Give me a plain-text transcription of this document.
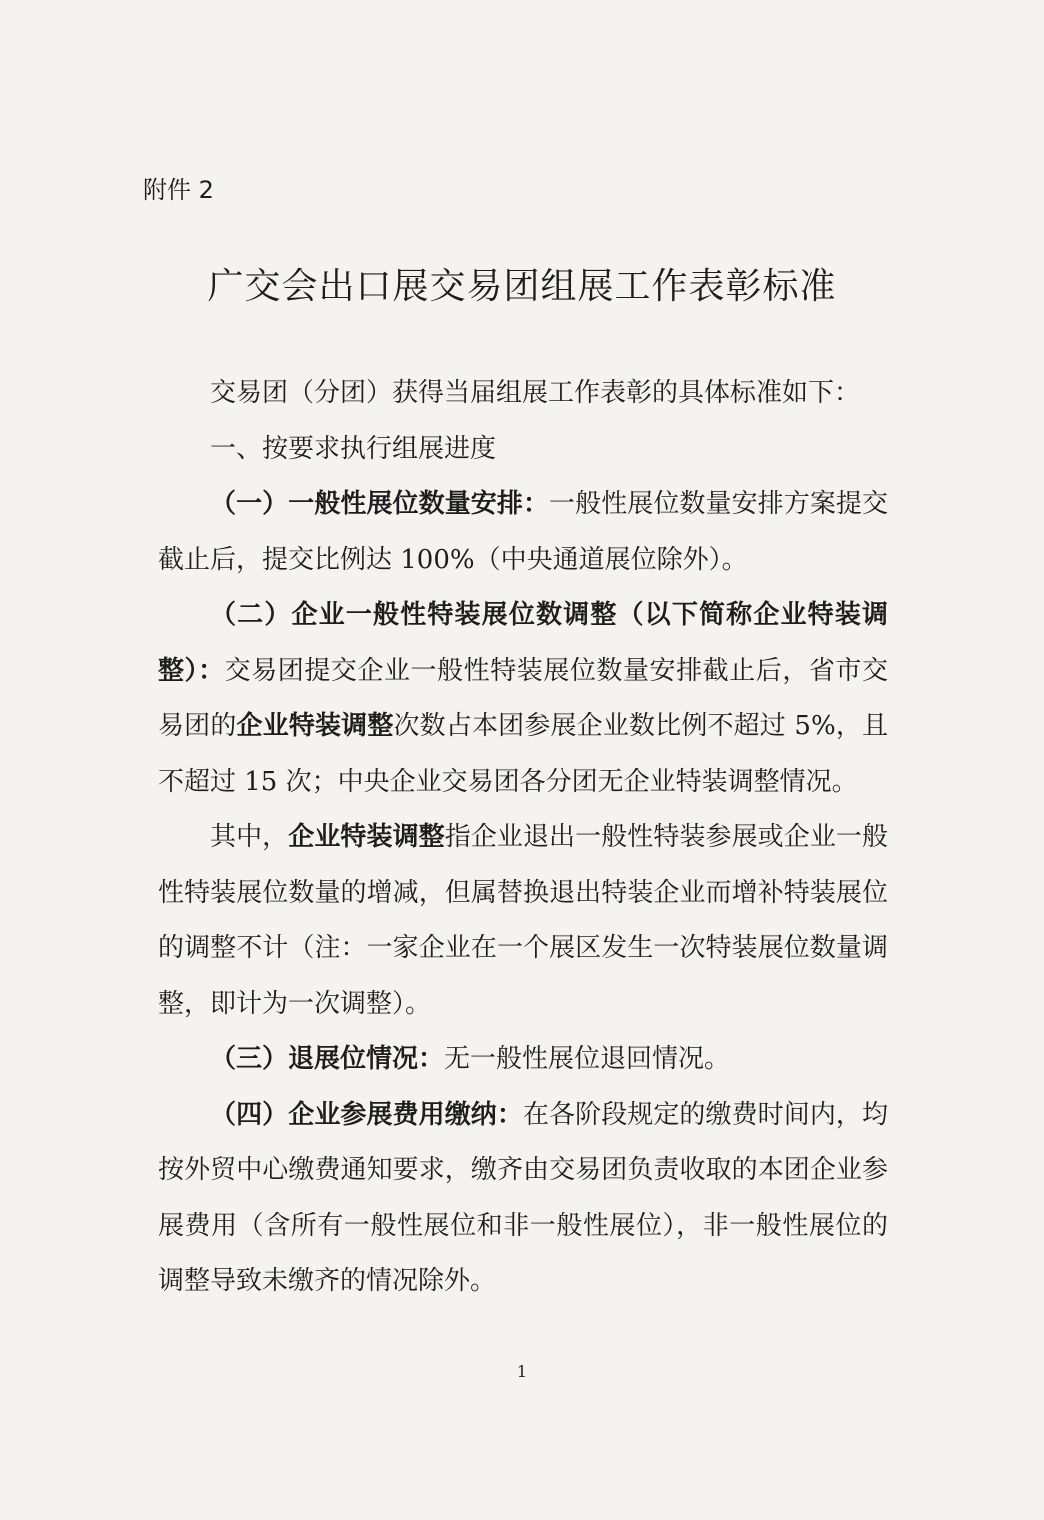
附件 2
广交会出口展交易团组展工作表彰标准

交易团（分团）获得当届组展工作表彰的具体标准如下：

一、按要求执行组展进度

（一）一般性展位数量安排：一般性展位数量安排方案提交截止后，提交比例达 100%（中央通道展位除外）。

（二）企业一般性特装展位数调整（以下简称企业特装调整）：交易团提交企业一般性特装展位数量安排截止后，省市交易团的企业特装调整次数占本团参展企业数比例不超过 5%，且不超过 15 次；中央企业交易团各分团无企业特装调整情况。

其中，企业特装调整指企业退出一般性特装参展或企业一般性特装展位数量的增减，但属替换退出特装企业而增补特装展位的调整不计（注：一家企业在一个展区发生一次特装展位数量调整，即计为一次调整）。

（三）退展位情况：无一般性展位退回情况。

（四）企业参展费用缴纳：在各阶段规定的缴费时间内，均按外贸中心缴费通知要求，缴齐由交易团负责收取的本团企业参展费用（含所有一般性展位和非一般性展位），非一般性展位的调整导致未缴齐的情况除外。

1
